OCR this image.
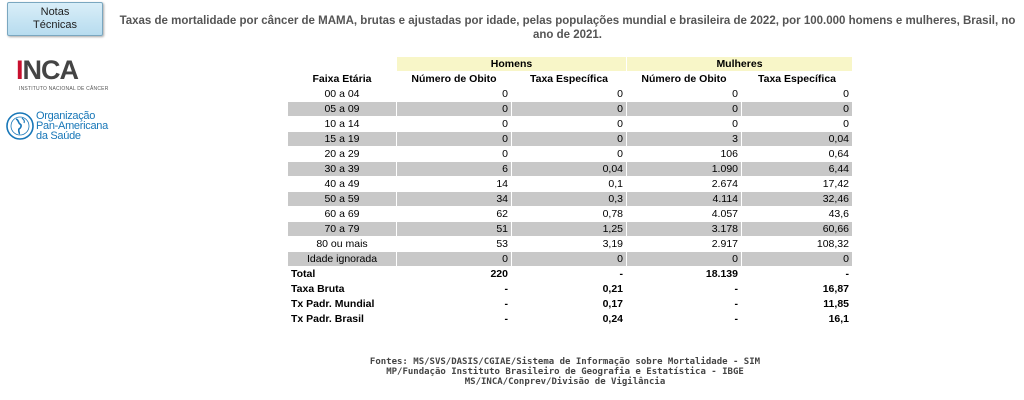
Notas
Técnicas
INCA
INSTITUTO NACIONAL DE CÂNCER
Organização
Pan-Americana
da Saúde
Taxas de mortalidade por câncer de MAMA, brutas e ajustadas por idade, pelas populações mundial e brasileira de 2022, por 100.000 homens e mulheres, Brasil, no ano de 2021.
	Homens		Mulheres	
Faixa Etária	Número de Obito	Taxa Específica	Número de Obito	Taxa Específica
00 a 04	0	0	0	0
05 a 09	0	0	0	0
10 a 14	0	0	0	0
15 a 19	0	0	3	0,04
20 a 29	0	0	106	0,64
30 a 39	6	0,04	1.090	6,44
40 a 49	14	0,1	2.674	17,42
50 a 59	34	0,3	4.114	32,46
60 a 69	62	0,78	4.057	43,6
70 a 79	51	1,25	3.178	60,66
80 ou mais	53	3,19	2.917	108,32
Idade ignorada	0	0	0	0
Total	220	-	18.139	-
Taxa Bruta	-	0,21	-	16,87
Tx Padr. Mundial	-	0,17	-	11,85
Tx Padr. Brasil	-	0,24	-	16,1
Fontes: MS/SVS/DASIS/CGIAE/Sistema de Informação sobre Mortalidade - SIM
MP/Fundação Instituto Brasileiro de Geografia e Estatística - IBGE
MS/INCA/Conprev/Divisão de Vigilância
